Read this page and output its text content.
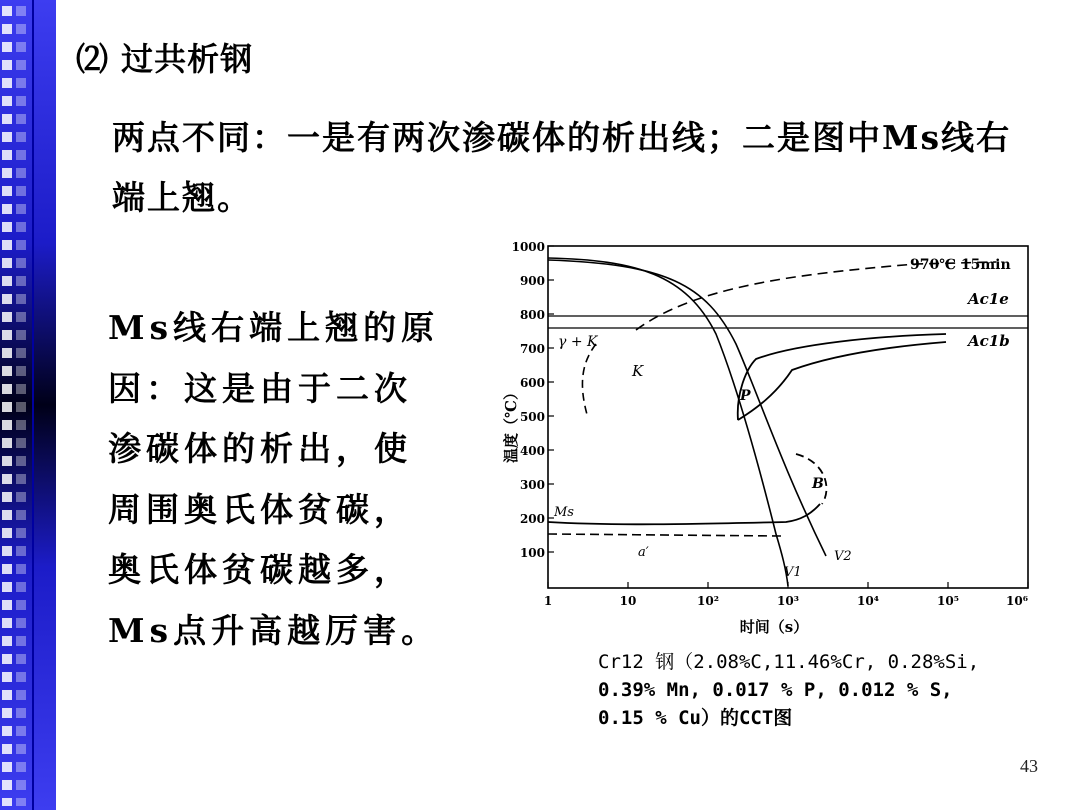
⑵ 过共析钢
两点不同：一是有两次渗碳体的析出线；二是图中Ms线右端上翘。
Ms线右端上翘的原因：这是由于二次渗碳体的析出，使周围奥氏体贫碳，奥氏体贫碳越多，Ms点升高越厉害。
1000
900
800
700
600
500
400
300
200
100
1	10	10²	10³	10⁴	10⁵	10⁶
970℃ 15min
Ac1e
Ac1b
γ + K
K
P
B
Ms
a′
V1
V2
温度（℃）
时间（s）
Cr12 钢（2.08%C,11.46%Cr, 0.28%Si,
0.39% Mn, 0.017 % P, 0.012 % S,
0.15 % Cu）的CCT图
43
